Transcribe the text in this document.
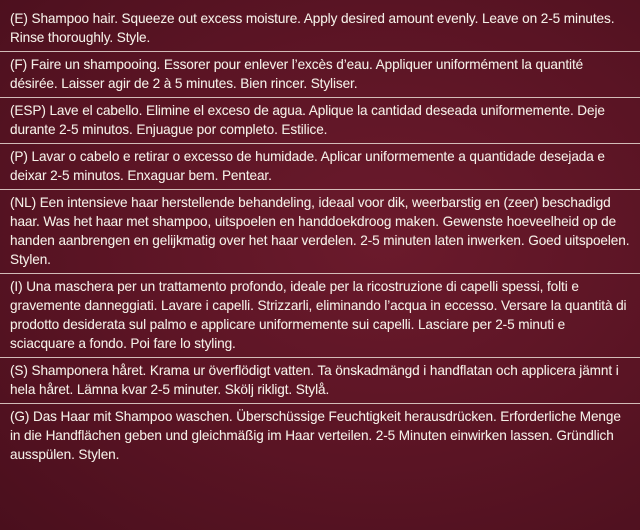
(E) Shampoo hair. Squeeze out excess moisture. Apply desired amount evenly. Leave on 2-5 minutes. Rinse thoroughly. Style.

(F) Faire un shampooing. Essorer pour enlever l’excès d’eau. Appliquer uniformément la quantité désirée. Laisser agir de 2 à 5 minutes. Bien rincer. Styliser.

(ESP) Lave el cabello. Elimine el exceso de agua. Aplique la cantidad deseada uniformemente. Deje durante 2-5 minutos. Enjuague por completo. Estilice.

(P) Lavar o cabelo e retirar o excesso de humidade. Aplicar uniformemente a quantidade desejada e deixar 2-5 minutos. Enxaguar bem. Pentear.

(NL) Een intensieve haar herstellende behandeling, ideaal voor dik, weerbarstig en (zeer) beschadigd haar. Was het haar met shampoo, uitspoelen en handdoekdroog maken. Gewenste hoeveelheid op de handen aanbrengen en gelijkmatig over het haar verdelen. 2-5 minuten laten inwerken. Goed uitspoelen. Stylen.

(I) Una maschera per un trattamento profondo, ideale per la ricostruzione di capelli spessi, folti e gravemente danneggiati. Lavare i capelli. Strizzarli, eliminando l’acqua in eccesso. Versare la quantità di prodotto desiderata sul palmo e applicare uniformemente sui capelli. Lasciare per 2-5 minuti e sciacquare a fondo. Poi fare lo styling.

(S) Shamponera håret. Krama ur överflödigt vatten. Ta önskadmängd i handflatan och applicera jämnt i hela håret. Lämna kvar 2-5 minuter. Skölj rikligt. Stylå.

(G) Das Haar mit Shampoo waschen. Überschüssige Feuchtigkeit herausdrücken. Erforderliche Menge in die Handflächen geben und gleichmäßig im Haar verteilen. 2-5 Minuten einwirken lassen. Gründlich ausspülen. Stylen.
